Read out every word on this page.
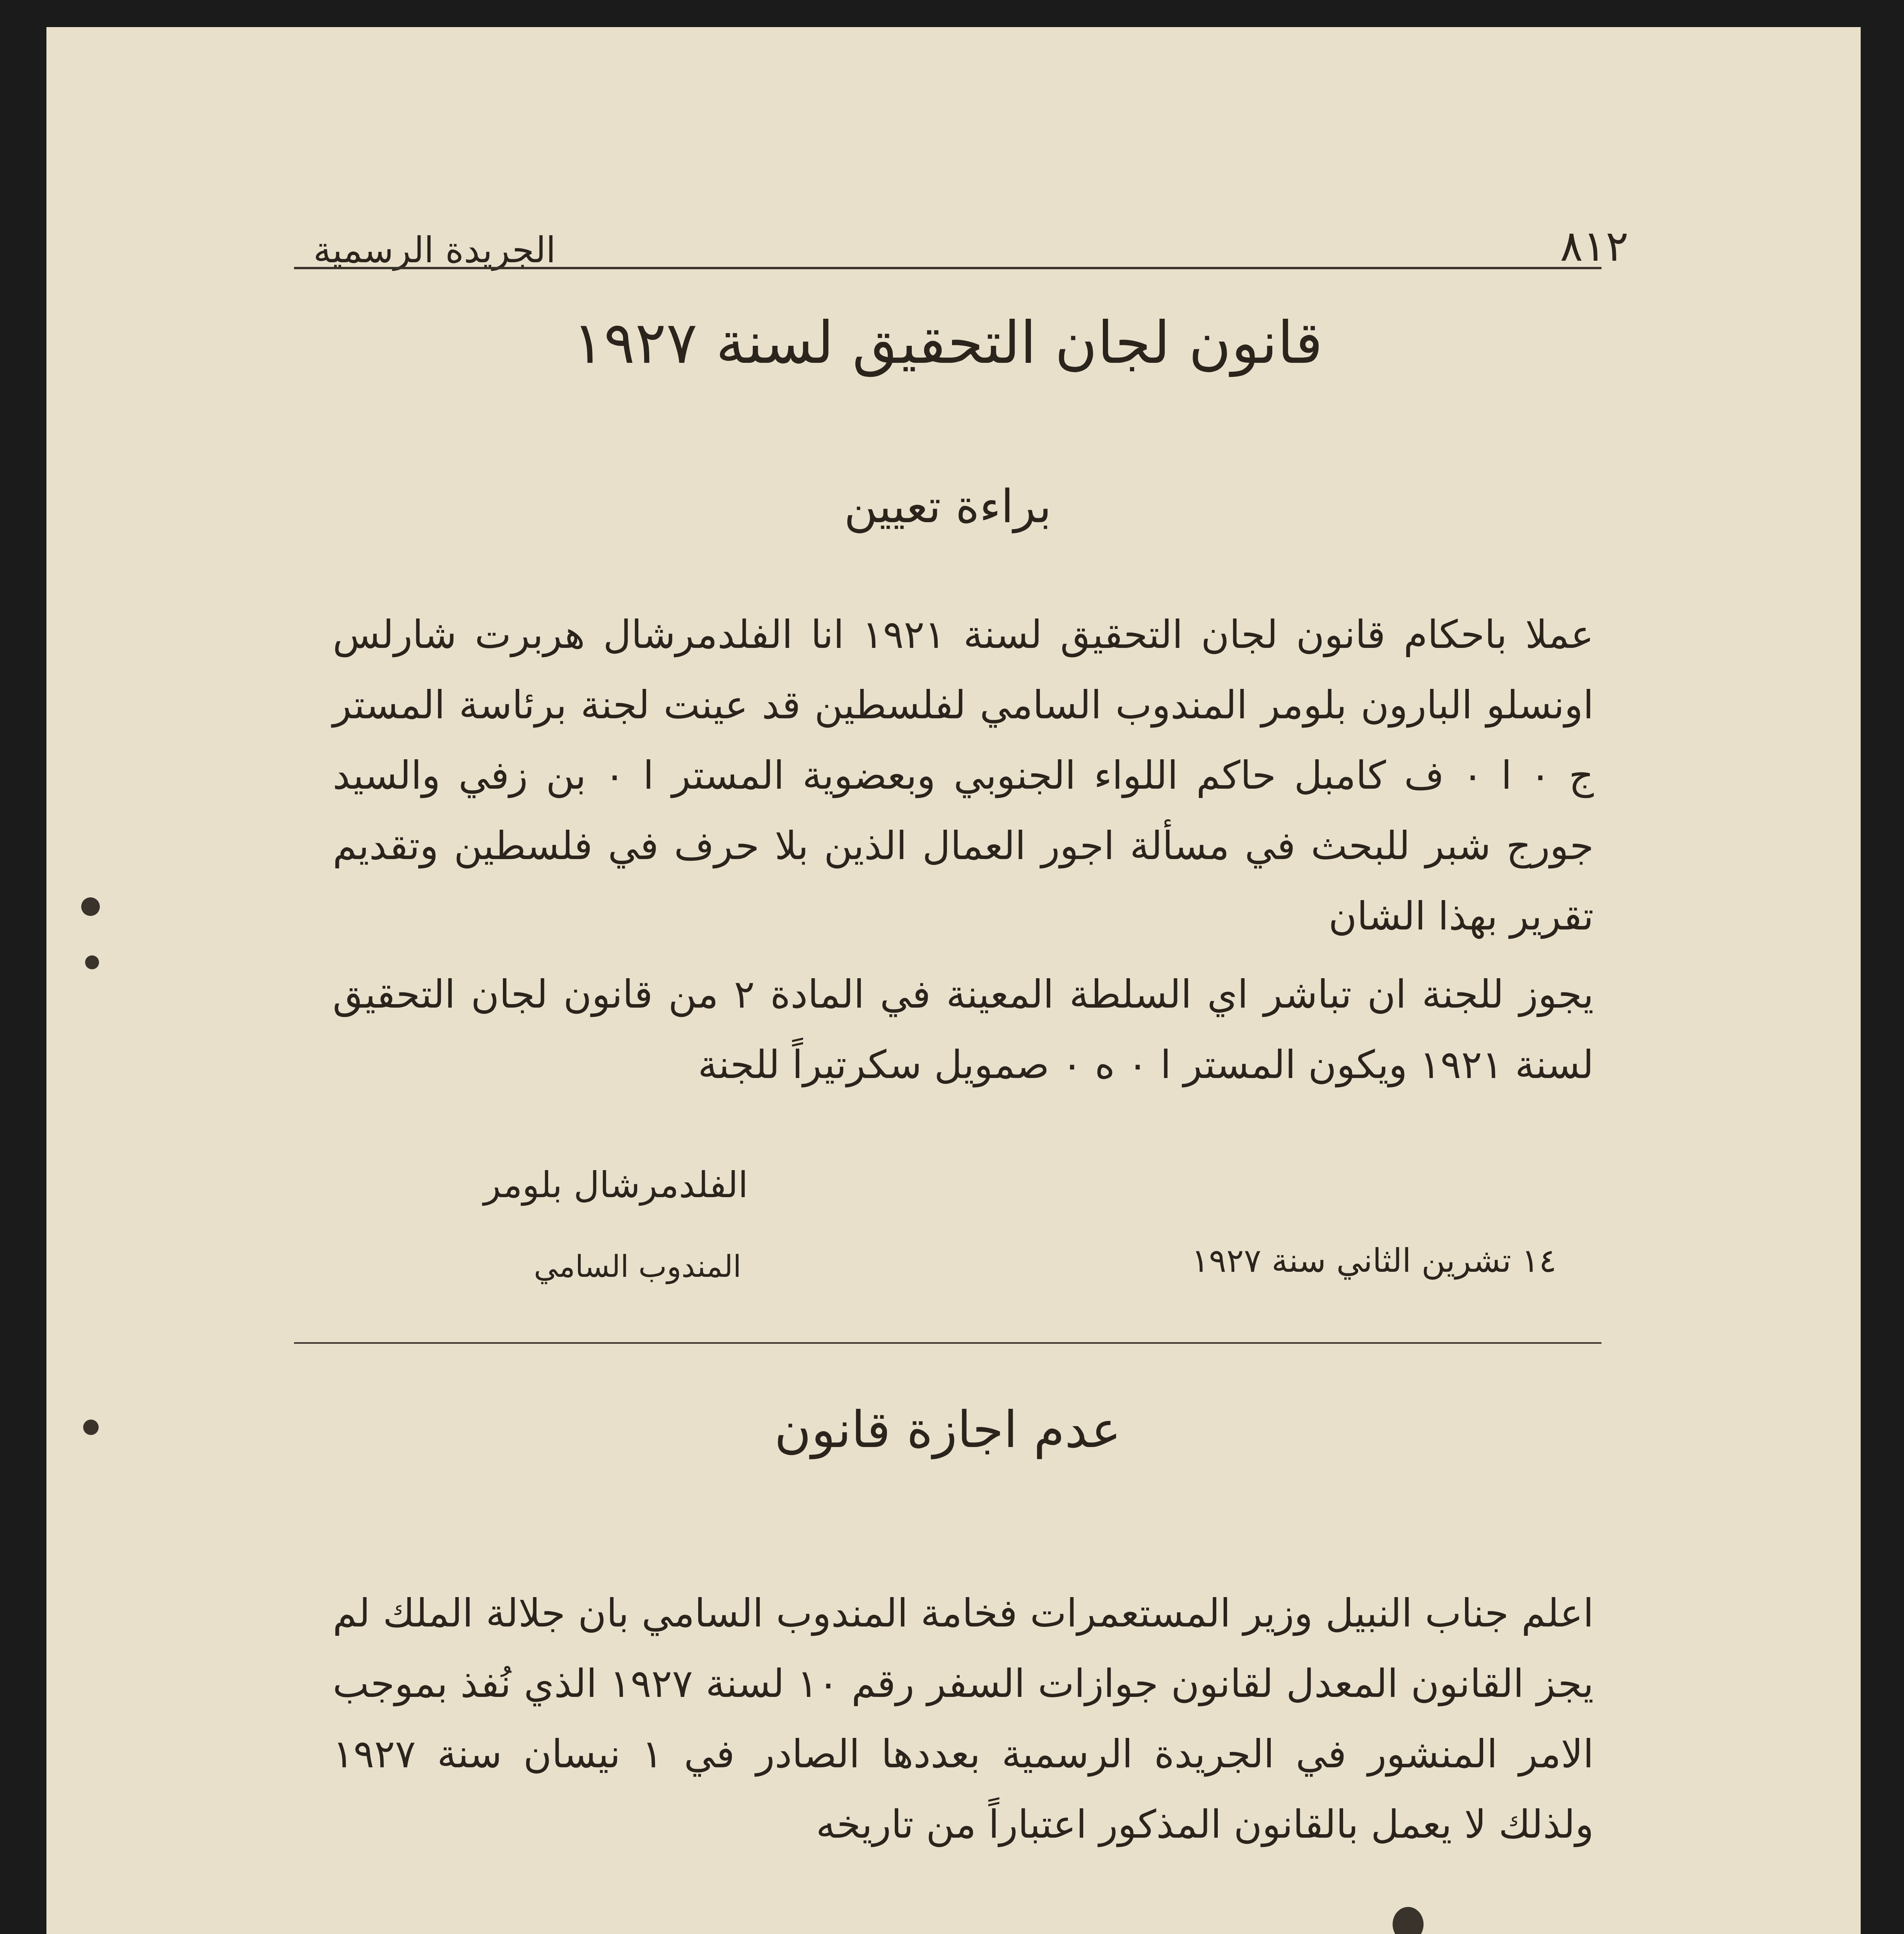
٨١٢
الجريدة الرسمية
قانون لجان التحقيق لسنة ١٩٢٧
براءة تعيين
عملا باحكام قانون لجان التحقيق لسنة ١٩٢١ انا الفلدمرشال هربرت شارلس اونسلو البارون بلومر المندوب السامي لفلسطين قد عينت لجنة برئاسة المستر ج ٠ ا ٠ ف كامبل حاكم اللواء الجنوبي وبعضوية المستر ا ٠ بن زفي والسيد جورج شبر للبحث في مسألة اجور العمال الذين بلا حرف في فلسطين وتقديم تقرير بهذا الشان
يجوز للجنة ان تباشر اي السلطة المعينة في المادة ٢ من قانون لجان التحقيق لسنة ١٩٢١ ويكون المستر ا ٠ ه ٠ صمويل سكرتيراً للجنة
الفلدمرشال بلومر
المندوب السامي	١٤ تشرين الثاني سنة ١٩٢٧
عدم اجازة قانون
اعلم جناب النبيل وزير المستعمرات فخامة المندوب السامي بان جلالة الملك لم يجز القانون المعدل لقانون جوازات السفر رقم ١٠ لسنة ١٩٢٧ الذي نُفذ بموجب الامر المنشور في الجريدة الرسمية بعددها الصادر في ١ نيسان سنة ١٩٢٧ ولذلك لا يعمل بالقانون المذكور اعتباراً من تاريخه
